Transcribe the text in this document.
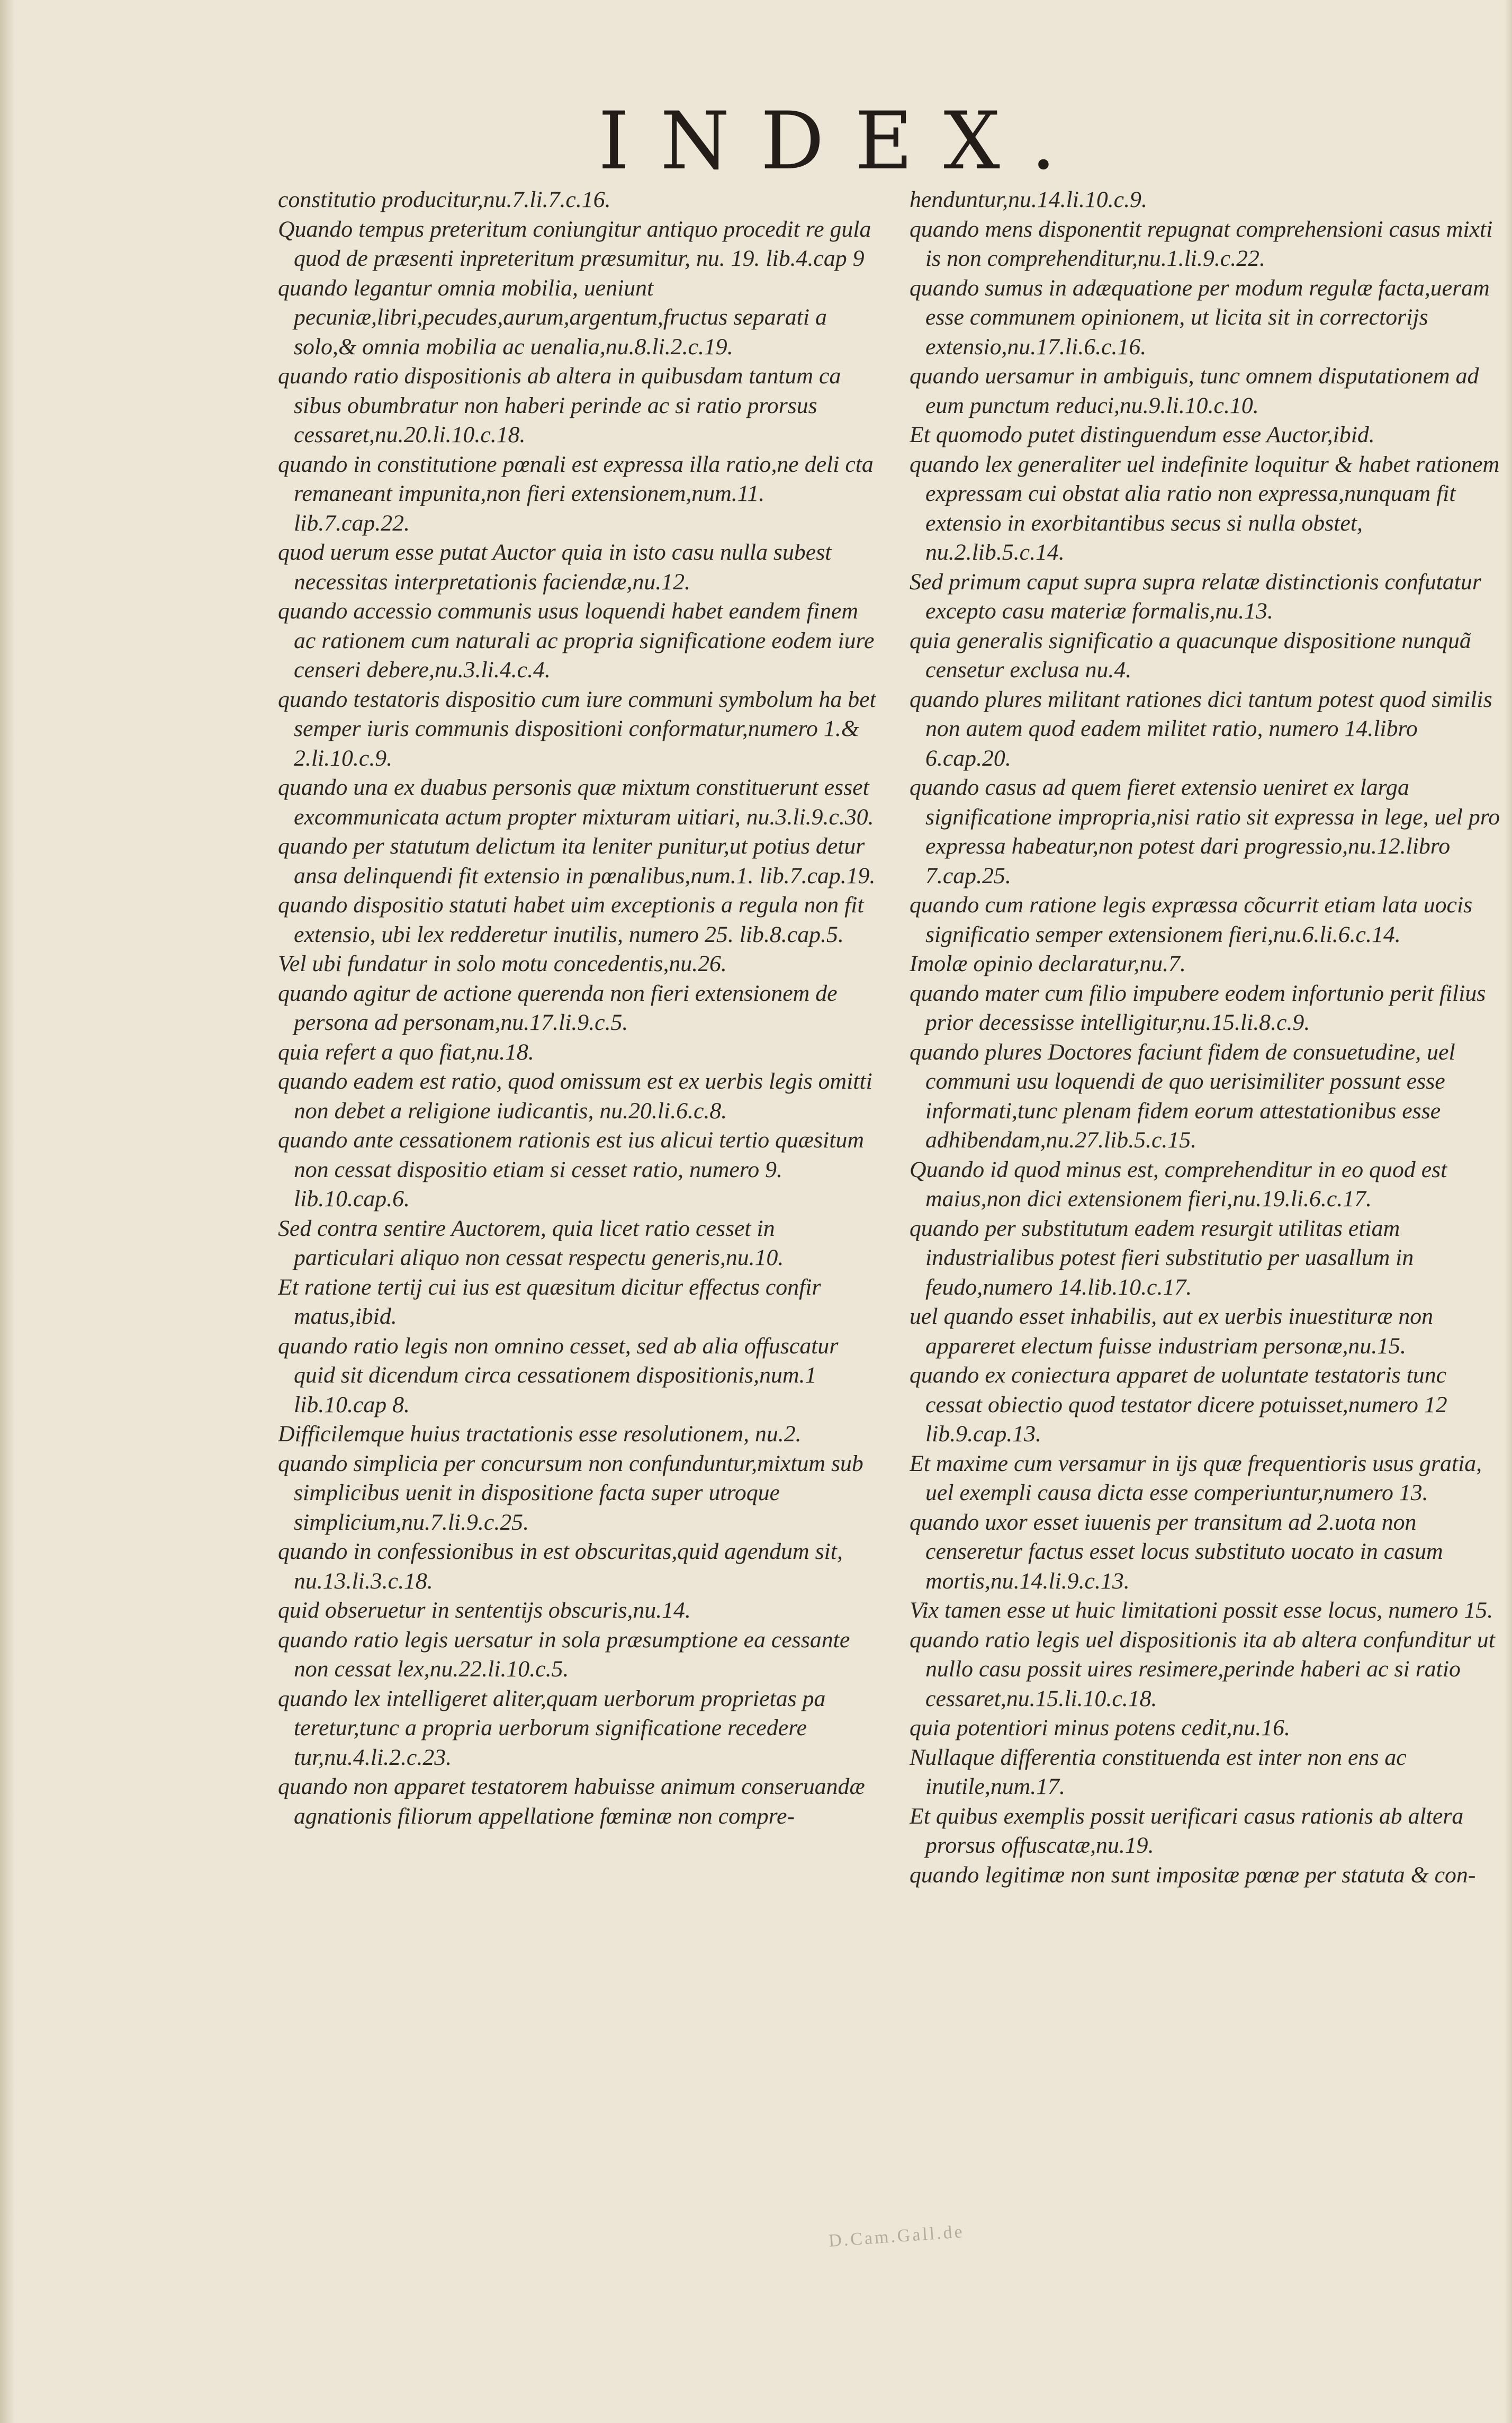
INDEX.

constitutio producitur,nu.7.li.7.c.16.

Quando tempus preteritum coniungitur antiquo procedit re gula quod de præsenti inpreteritum præsumitur, nu. 19. lib.4.cap 9

quando legantur omnia mobilia, ueniunt pecuniæ,libri,pecudes,aurum,argentum,fructus separati a solo,& omnia mobilia ac uenalia,nu.8.li.2.c.19.

quando ratio dispositionis ab altera in quibusdam tantum ca sibus obumbratur non haberi perinde ac si ratio prorsus cessaret,nu.20.li.10.c.18.

quando in constitutione pœnali est expressa illa ratio,ne deli cta remaneant impunita,non fieri extensionem,num.11. lib.7.cap.22.

quod uerum esse putat Auctor quia in isto casu nulla subest necessitas interpretationis faciendæ,nu.12.

quando accessio communis usus loquendi habet eandem finem ac rationem cum naturali ac propria significatione eodem iure censeri debere,nu.3.li.4.c.4.

quando testatoris dispositio cum iure communi symbolum ha bet semper iuris communis dispositioni conformatur,numero 1.& 2.li.10.c.9.

quando una ex duabus personis quæ mixtum constituerunt esset excommunicata actum propter mixturam uitiari, nu.3.li.9.c.30.

quando per statutum delictum ita leniter punitur,ut potius detur ansa delinquendi fit extensio in pœnalibus,num.1. lib.7.cap.19.

quando dispositio statuti habet uim exceptionis a regula non fit extensio, ubi lex redderetur inutilis, numero 25. lib.8.cap.5.

Vel ubi fundatur in solo motu concedentis,nu.26.

quando agitur de actione querenda non fieri extensionem de persona ad personam,nu.17.li.9.c.5.

quia refert a quo fiat,nu.18.

quando eadem est ratio, quod omissum est ex uerbis legis omitti non debet a religione iudicantis, nu.20.li.6.c.8.

quando ante cessationem rationis est ius alicui tertio quæsitum non cessat dispositio etiam si cesset ratio, numero 9. lib.10.cap.6.

Sed contra sentire Auctorem, quia licet ratio cesset in particulari aliquo non cessat respectu generis,nu.10.

Et ratione tertij cui ius est quæsitum dicitur effectus confir matus,ibid.

quando ratio legis non omnino cesset, sed ab alia offuscatur quid sit dicendum circa cessationem dispositionis,num.1 lib.10.cap 8.

Difficilemque huius tractationis esse resolutionem, nu.2.

quando simplicia per concursum non confunduntur,mixtum sub simplicibus uenit in dispositione facta super utroque simplicium,nu.7.li.9.c.25.

quando in confessionibus in est obscuritas,quid agendum sit, nu.13.li.3.c.18.

quid obseruetur in sententijs obscuris,nu.14.

quando ratio legis uersatur in sola præsumptione ea cessante non cessat lex,nu.22.li.10.c.5.

quando lex intelligeret aliter,quam uerborum proprietas pa teretur,tunc a propria uerborum significatione recedere tur,nu.4.li.2.c.23.

quando non apparet testatorem habuisse animum conseruandæ agnationis filiorum appellatione fœminæ non compre-

henduntur,nu.14.li.10.c.9.

quando mens disponentit repugnat comprehensioni casus mixti is non comprehenditur,nu.1.li.9.c.22.

quando sumus in adæquatione per modum regulæ facta,ueram esse communem opinionem, ut licita sit in correctorijs extensio,nu.17.li.6.c.16.

quando uersamur in ambiguis, tunc omnem disputationem ad eum punctum reduci,nu.9.li.10.c.10.

Et quomodo putet distinguendum esse Auctor,ibid.

quando lex generaliter uel indefinite loquitur & habet rationem expressam cui obstat alia ratio non expressa,nunquam fit extensio in exorbitantibus secus si nulla obstet, nu.2.lib.5.c.14.

Sed primum caput supra supra relatæ distinctionis confutatur excepto casu materiæ formalis,nu.13.

quia generalis significatio a quacunque dispositione nunquã censetur exclusa nu.4.

quando plures militant rationes dici tantum potest quod similis non autem quod eadem militet ratio, numero 14.libro 6.cap.20.

quando casus ad quem fieret extensio ueniret ex larga significatione impropria,nisi ratio sit expressa in lege, uel pro expressa habeatur,non potest dari progressio,nu.12.libro 7.cap.25.

quando cum ratione legis expræssa cõcurrit etiam lata uocis significatio semper extensionem fieri,nu.6.li.6.c.14.

Imolæ opinio declaratur,nu.7.

quando mater cum filio impubere eodem infortunio perit filius prior decessisse intelligitur,nu.15.li.8.c.9.

quando plures Doctores faciunt fidem de consuetudine, uel communi usu loquendi de quo uerisimiliter possunt esse informati,tunc plenam fidem eorum attestationibus esse adhibendam,nu.27.lib.5.c.15.

Quando id quod minus est, comprehenditur in eo quod est maius,non dici extensionem fieri,nu.19.li.6.c.17.

quando per substitutum eadem resurgit utilitas etiam industrialibus potest fieri substitutio per uasallum in feudo,numero 14.lib.10.c.17.

uel quando esset inhabilis, aut ex uerbis inuestituræ non appareret electum fuisse industriam personæ,nu.15.

quando ex coniectura apparet de uoluntate testatoris tunc cessat obiectio quod testator dicere potuisset,numero 12 lib.9.cap.13.

Et maxime cum versamur in ijs quæ frequentioris usus gratia, uel exempli causa dicta esse comperiuntur,numero 13.

quando uxor esset iuuenis per transitum ad 2.uota non censeretur factus esset locus substituto uocato in casum mortis,nu.14.li.9.c.13.

Vix tamen esse ut huic limitationi possit esse locus, numero 15.

quando ratio legis uel dispositionis ita ab altera confunditur ut nullo casu possit uires resimere,perinde haberi ac si ratio cessaret,nu.15.li.10.c.18.

quia potentiori minus potens cedit,nu.16.

Nullaque differentia constituenda est inter non ens ac inutile,num.17.

Et quibus exemplis possit uerificari casus rationis ab altera prorsus offuscatæ,nu.19.

quando legitimæ non sunt impositæ pœnæ per statuta & con-

D.Cam.Gall.de
